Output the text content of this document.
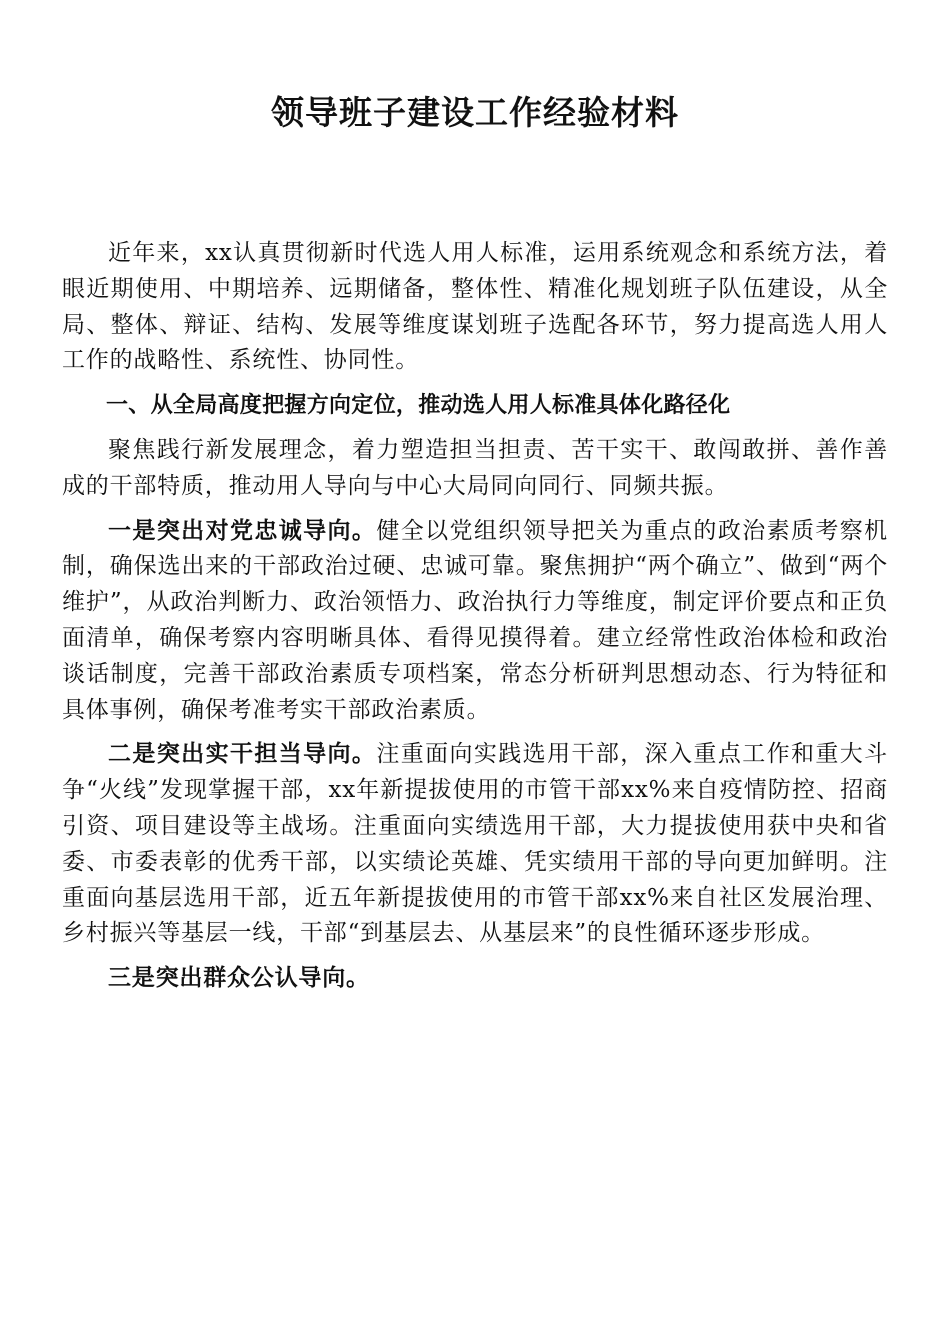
领导班子建设工作经验材料

近年来，xx认真贯彻新时代选人用人标准，运用系统观念和系统方法，着眼近期使用、中期培养、远期储备，整体性、精准化规划班子队伍建设，从全局、整体、辩证、结构、发展等维度谋划班子选配各环节，努力提高选人用人工作的战略性、系统性、协同性。

一、从全局高度把握方向定位，推动选人用人标准具体化路径化

聚焦践行新发展理念，着力塑造担当担责、苦干实干、敢闯敢拼、善作善成的干部特质，推动用人导向与中心大局同向同行、同频共振。

一是突出对党忠诚导向。健全以党组织领导把关为重点的政治素质考察机制，确保选出来的干部政治过硬、忠诚可靠。聚焦拥护“两个确立”、做到“两个维护”，从政治判断力、政治领悟力、政治执行力等维度，制定评价要点和正负面清单，确保考察内容明晰具体、看得见摸得着。建立经常性政治体检和政治谈话制度，完善干部政治素质专项档案，常态分析研判思想动态、行为特征和具体事例，确保考准考实干部政治素质。

二是突出实干担当导向。注重面向实践选用干部，深入重点工作和重大斗争“火线”发现掌握干部，xx年新提拔使用的市管干部xx%来自疫情防控、招商引资、项目建设等主战场。注重面向实绩选用干部，大力提拔使用获中央和省委、市委表彰的优秀干部，以实绩论英雄、凭实绩用干部的导向更加鲜明。注重面向基层选用干部，近五年新提拔使用的市管干部xx%来自社区发展治理、乡村振兴等基层一线，干部“到基层去、从基层来”的良性循环逐步形成。

三是突出群众公认导向。
